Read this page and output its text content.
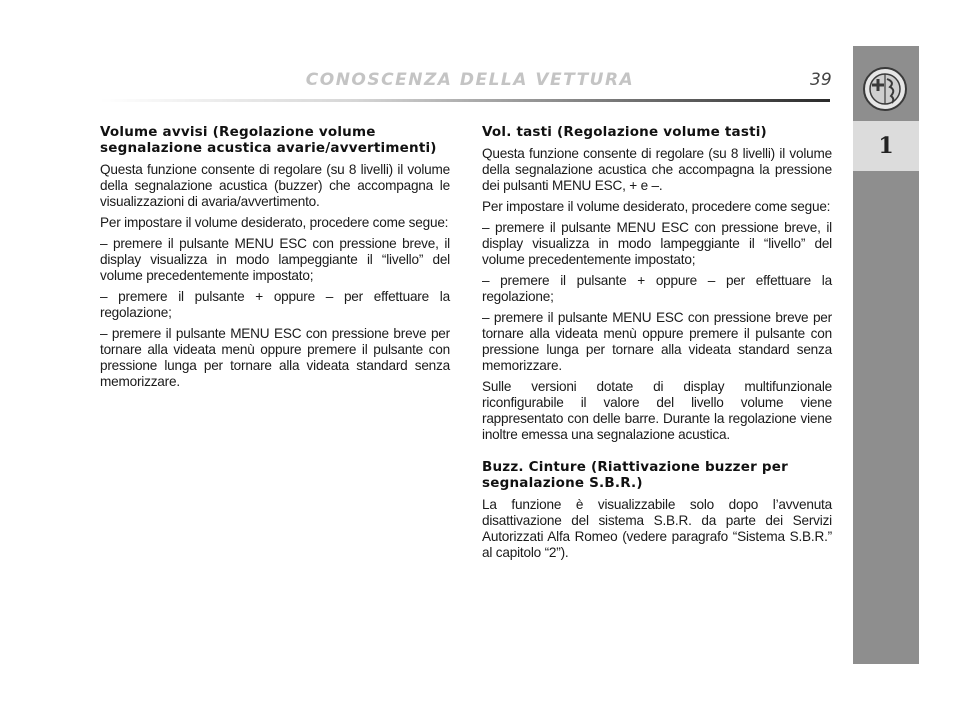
CONOSCENZA DELLA VETTURA	39
1
Volume avvisi (Regolazione volume segnalazione acustica avarie/avvertimenti)

Questa funzione consente di regolare (su 8 livelli) il volume della segnalazione acustica (buzzer) che accompagna le visualizzazioni di avaria/avvertimento.

Per impostare il volume desiderato, procedere come segue:

– premere il pulsante MENU ESC con pressione breve, il display visualizza in modo lampeggiante il “livello” del volume precedentemente impostato;

– premere il pulsante + oppure – per effettuare la regolazione;

– premere il pulsante MENU ESC con pressione breve per tornare alla videata menù oppure premere il pulsante con pressione lunga per tornare alla videata standard senza memorizzare.

Vol. tasti (Regolazione volume tasti)

Questa funzione consente di regolare (su 8 livelli) il volume della segnalazione acustica che accompagna la pressione dei pulsanti MENU ESC, + e –.

Per impostare il volume desiderato, procedere come segue:

– premere il pulsante MENU ESC con pressione breve, il display visualizza in modo lampeggiante il “livello” del volume precedentemente impostato;

– premere il pulsante + oppure – per effettuare la regolazione;

– premere il pulsante MENU ESC con pressione breve per tornare alla videata menù oppure premere il pulsante con pressione lunga per tornare alla videata standard senza memorizzare.

Sulle versioni dotate di display multifunzionale riconfigurabile il valore del livello volume viene rappresentato con delle barre. Durante la regolazione viene inoltre emessa una segnalazione acustica.

Buzz. Cinture (Riattivazione buzzer per segnalazione S.B.R.)

La funzione è visualizzabile solo dopo l’avvenuta disattivazione del sistema S.B.R. da parte dei Servizi Autorizzati Alfa Romeo (vedere paragrafo “Sistema S.B.R.” al capitolo “2”).
